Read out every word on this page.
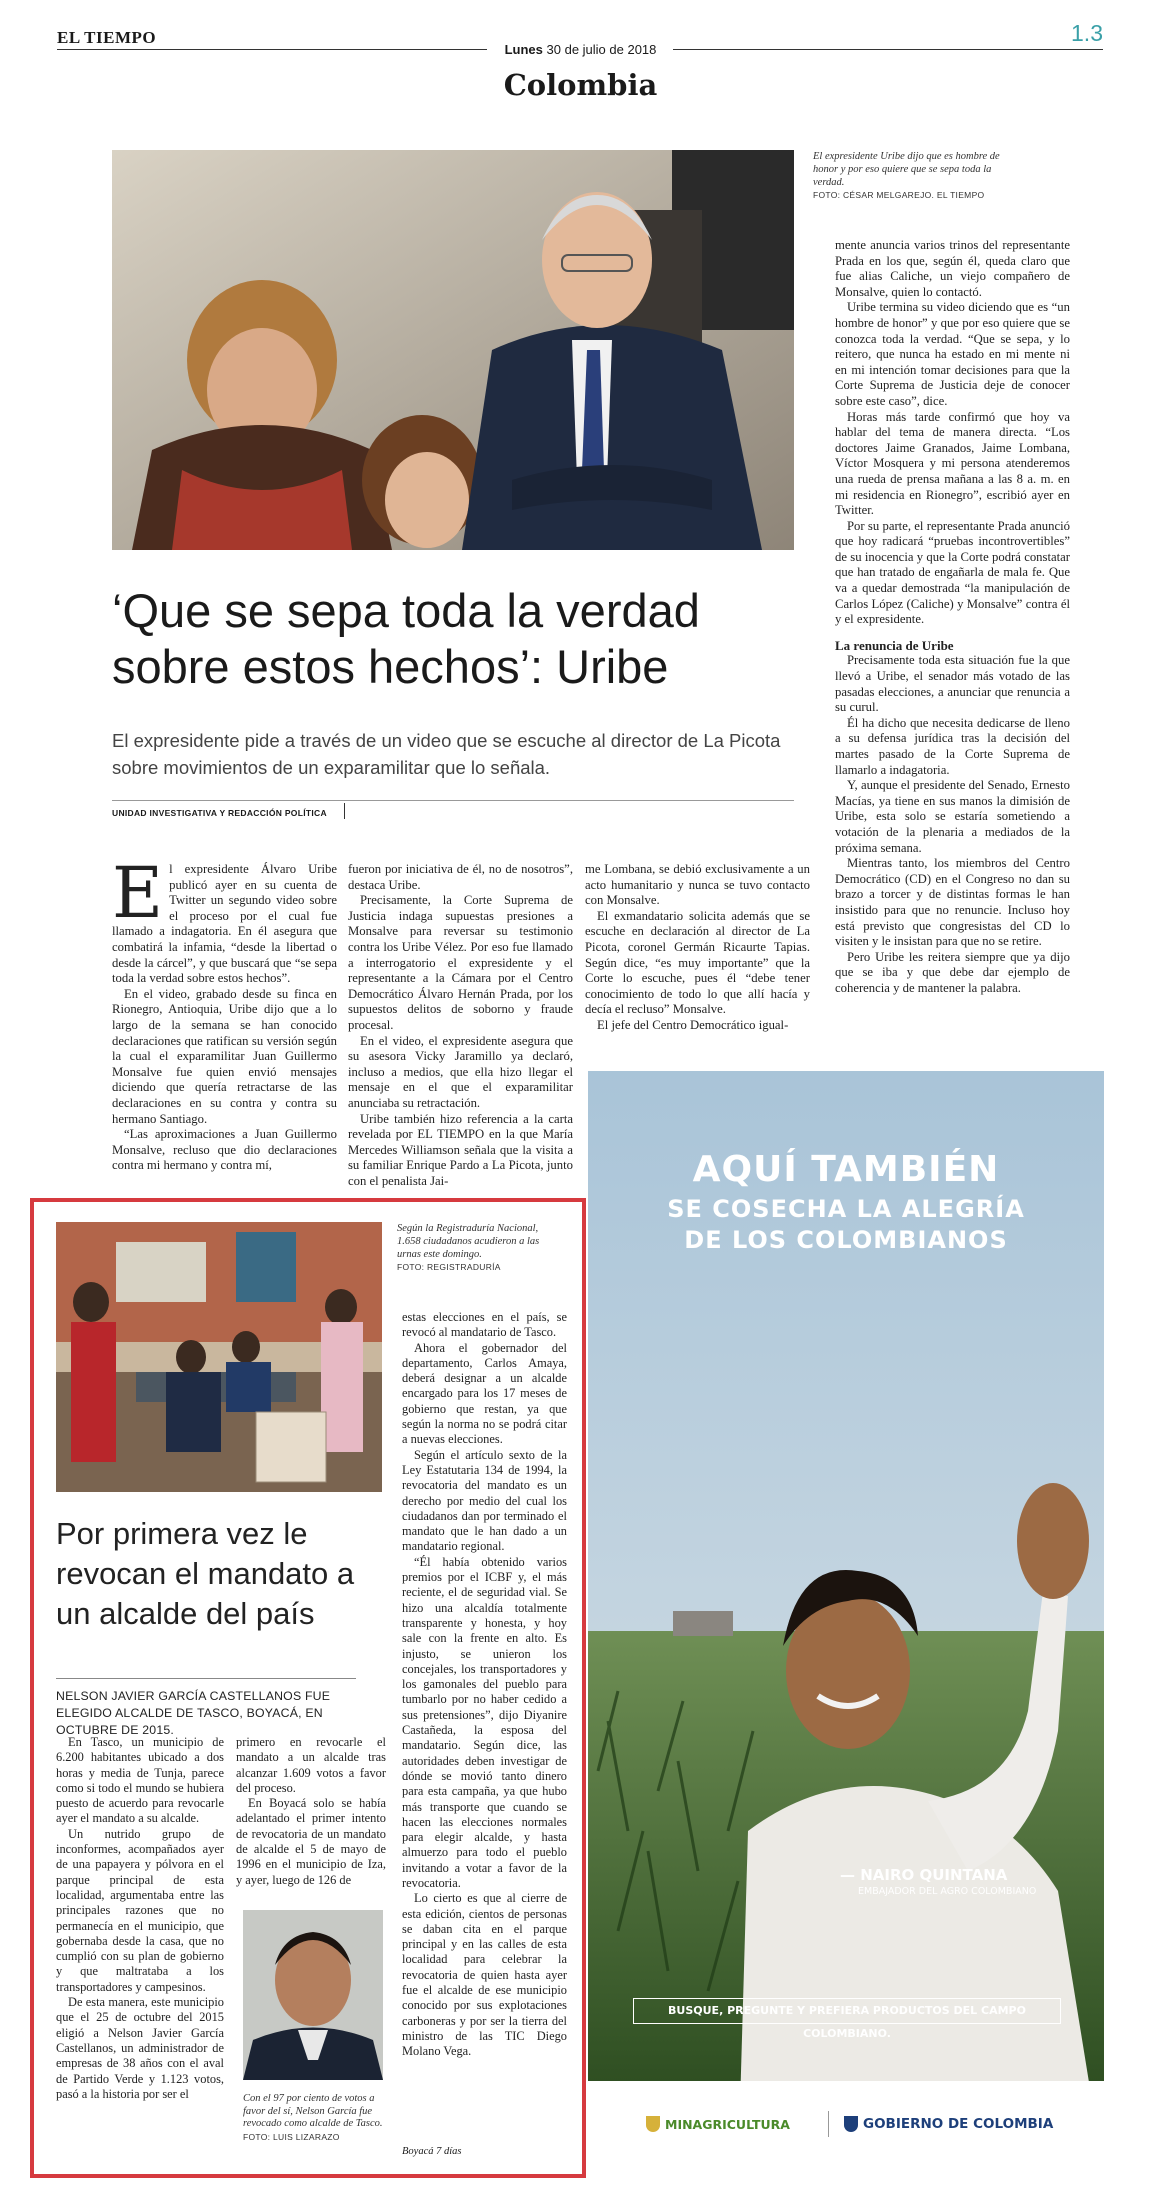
EL TIEMPO
Lunes 30 de julio de 2018
1.3
Colombia
El expresidente Uribe dijo que es hombre de honor y por eso quiere que se sepa toda la verdad.
FOTO: CÉSAR MELGAREJO. EL TIEMPO
‘Que se sepa toda la verdad
sobre estos hechos’: Uribe
El expresidente pide a través de un video que se escuche al director de La Picota sobre movimientos de un exparamilitar que lo señala.
UNIDAD INVESTIGATIVA Y REDACCIÓN POLÍTICA

El expresidente Álvaro Uribe publicó ayer en su cuenta de Twitter un segundo video sobre el proceso por el cual fue llamado a indagatoria. En él asegura que combatirá la infamia, “desde la libertad o desde la cárcel”, y que buscará que “se sepa toda la verdad sobre estos hechos”.

En el video, grabado desde su finca en Rionegro, Antioquia, Uribe dijo que a lo largo de la semana se han conocido declaraciones que ratifican su versión según la cual el exparamilitar Juan Guillermo Monsalve fue quien envió mensajes diciendo que quería retractarse de las declaraciones en su contra y contra su hermano Santiago.

“Las aproximaciones a Juan Guillermo Monsalve, recluso que dio declaraciones contra mi hermano y contra mí,

fueron por iniciativa de él, no de nosotros”, destaca Uribe.

Precisamente, la Corte Suprema de Justicia indaga supuestas presiones a Monsalve para reversar su testimonio contra los Uribe Vélez. Por eso fue llamado a interrogatorio el expresidente y el representante a la Cámara por el Centro Democrático Álvaro Hernán Prada, por los supuestos delitos de soborno y fraude procesal.

En el video, el expresidente asegura que su asesora Vicky Jaramillo ya declaró, incluso a medios, que ella hizo llegar el mensaje en el que el exparamilitar anunciaba su retractación.

Uribe también hizo referencia a la carta revelada por EL TIEMPO en la que María Mercedes Williamson señala que la visita a su familiar Enrique Pardo a La Picota, junto con el penalista Jai-

me Lombana, se debió exclusivamente a un acto humanitario y nunca se tuvo contacto con Monsalve.

El exmandatario solicita además que se escuche en declaración al director de La Picota, coronel Germán Ricaurte Tapias. Según dice, “es muy importante” que la Corte lo escuche, pues él “debe tener conocimiento de todo lo que allí hacía y decía el recluso” Monsalve.

El jefe del Centro Democrático igual-

mente anuncia varios trinos del representante Prada en los que, según él, queda claro que fue alias Caliche, un viejo compañero de Monsalve, quien lo contactó.

Uribe termina su video diciendo que es “un hombre de honor” y que por eso quiere que se conozca toda la verdad. “Que se sepa, y lo reitero, que nunca ha estado en mi mente ni en mi intención tomar decisiones para que la Corte Suprema de Justicia deje de conocer sobre este caso”, dice.

Horas más tarde confirmó que hoy va hablar del tema de manera directa. “Los doctores Jaime Granados, Jaime Lombana, Víctor Mosquera y mi persona atenderemos una rueda de prensa mañana a las 8 a. m. en mi residencia en Rionegro”, escribió ayer en Twitter.

Por su parte, el representante Prada anunció que hoy radicará “pruebas incontrovertibles” de su inocencia y que la Corte podrá constatar que han tratado de engañarla de mala fe. Que va a quedar demostrada “la manipulación de Carlos López (Caliche) y Monsalve” contra él y el expresidente.

La renuncia de Uribe

Precisamente toda esta situación fue la que llevó a Uribe, el senador más votado de las pasadas elecciones, a anunciar que renuncia a su curul.

Él ha dicho que necesita dedicarse de lleno a su defensa jurídica tras la decisión del martes pasado de la Corte Suprema de llamarlo a indagatoria.

Y, aunque el presidente del Senado, Ernesto Macías, ya tiene en sus manos la dimisión de Uribe, esta solo se estaría sometiendo a votación de la plenaria a mediados de la próxima semana.

Mientras tanto, los miembros del Centro Democrático (CD) en el Congreso no dan su brazo a torcer y de distintas formas le han insistido para que no renuncie. Incluso hoy está previsto que congresistas del CD lo visiten y le insistan para que no se retire.

Pero Uribe les reitera siempre que ya dijo que se iba y que debe dar ejemplo de coherencia y de mantener la palabra.

Según la Registraduría Nacional, 1.658 ciudadanos acudieron a las urnas este domingo.
FOTO: REGISTRADURÍA
Por primera vez le revocan el mandato a un alcalde del país
NELSON JAVIER GARCÍA CASTELLANOS FUE ELEGIDO ALCALDE DE TASCO, BOYACÁ, EN OCTUBRE DE 2015.

En Tasco, un municipio de 6.200 habitantes ubicado a dos horas y media de Tunja, parece como si todo el mundo se hubiera puesto de acuerdo para revocarle ayer el mandato a su alcalde.

Un nutrido grupo de inconformes, acompañados ayer de una papayera y pólvora en el parque principal de esta localidad, argumentaba entre las principales razones que no permanecía en el municipio, que gobernaba desde la casa, que no cumplió con su plan de gobierno y que maltrataba a los transportadores y campesinos.

De esta manera, este municipio que el 25 de octubre del 2015 eligió a Nelson Javier García Castellanos, un administrador de empresas de 38 años con el aval de Partido Verde y 1.123 votos, pasó a la historia por ser el

primero en revocarle el mandato a un alcalde tras alcanzar 1.609 votos a favor del proceso.

En Boyacá solo se había adelantado el primer intento de revocatoria de un mandato de alcalde el 5 de mayo de 1996 en el municipio de Iza, y ayer, luego de 126 de

Con el 97 por ciento de votos a favor del sí, Nelson García fue revocado como alcalde de Tasco. FOTO: LUIS LIZARAZO

estas elecciones en el país, se revocó al mandatario de Tasco.

Ahora el gobernador del departamento, Carlos Amaya, deberá designar a un alcalde encargado para los 17 meses de gobierno que restan, ya que según la norma no se podrá citar a nuevas elecciones.

Según el artículo sexto de la Ley Estatutaria 134 de 1994, la revocatoria del mandato es un derecho por medio del cual los ciudadanos dan por terminado el mandato que le han dado a un mandatario regional.

“Él había obtenido varios premios por el ICBF y, el más reciente, el de seguridad vial. Se hizo una alcaldía totalmente transparente y honesta, y hoy sale con la frente en alto. Es injusto, se unieron los concejales, los transportadores y los gamonales del pueblo para tumbarlo por no haber cedido a sus pretensiones”, dijo Diyanire Castañeda, la esposa del mandatario. Según dice, las autoridades deben investigar de dónde se movió tanto dinero para esta campaña, ya que hubo más transporte que cuando se hacen las elecciones normales para elegir alcalde, y hasta almuerzo para todo el pueblo invitando a votar a favor de la revocatoria.

Lo cierto es que al cierre de esta edición, cientos de personas se daban cita en el parque principal y en las calles de esta localidad para celebrar la revocatoria de quien hasta ayer fue el alcalde de ese municipio conocido por sus explotaciones carboneras y por ser la tierra del ministro de las TIC Diego Molano Vega.

Boyacá 7 días
AQUÍ TAMBIÉN
SE COSECHA LA ALEGRÍA
DE LOS COLOMBIANOS
— NAIRO QUINTANA
EMBAJADOR DEL AGRO COLOMBIANO
BUSQUE, PREGUNTE Y PREFIERA PRODUCTOS DEL CAMPO COLOMBIANO.
MINAGRICULTURA	GOBIERNO DE COLOMBIA
